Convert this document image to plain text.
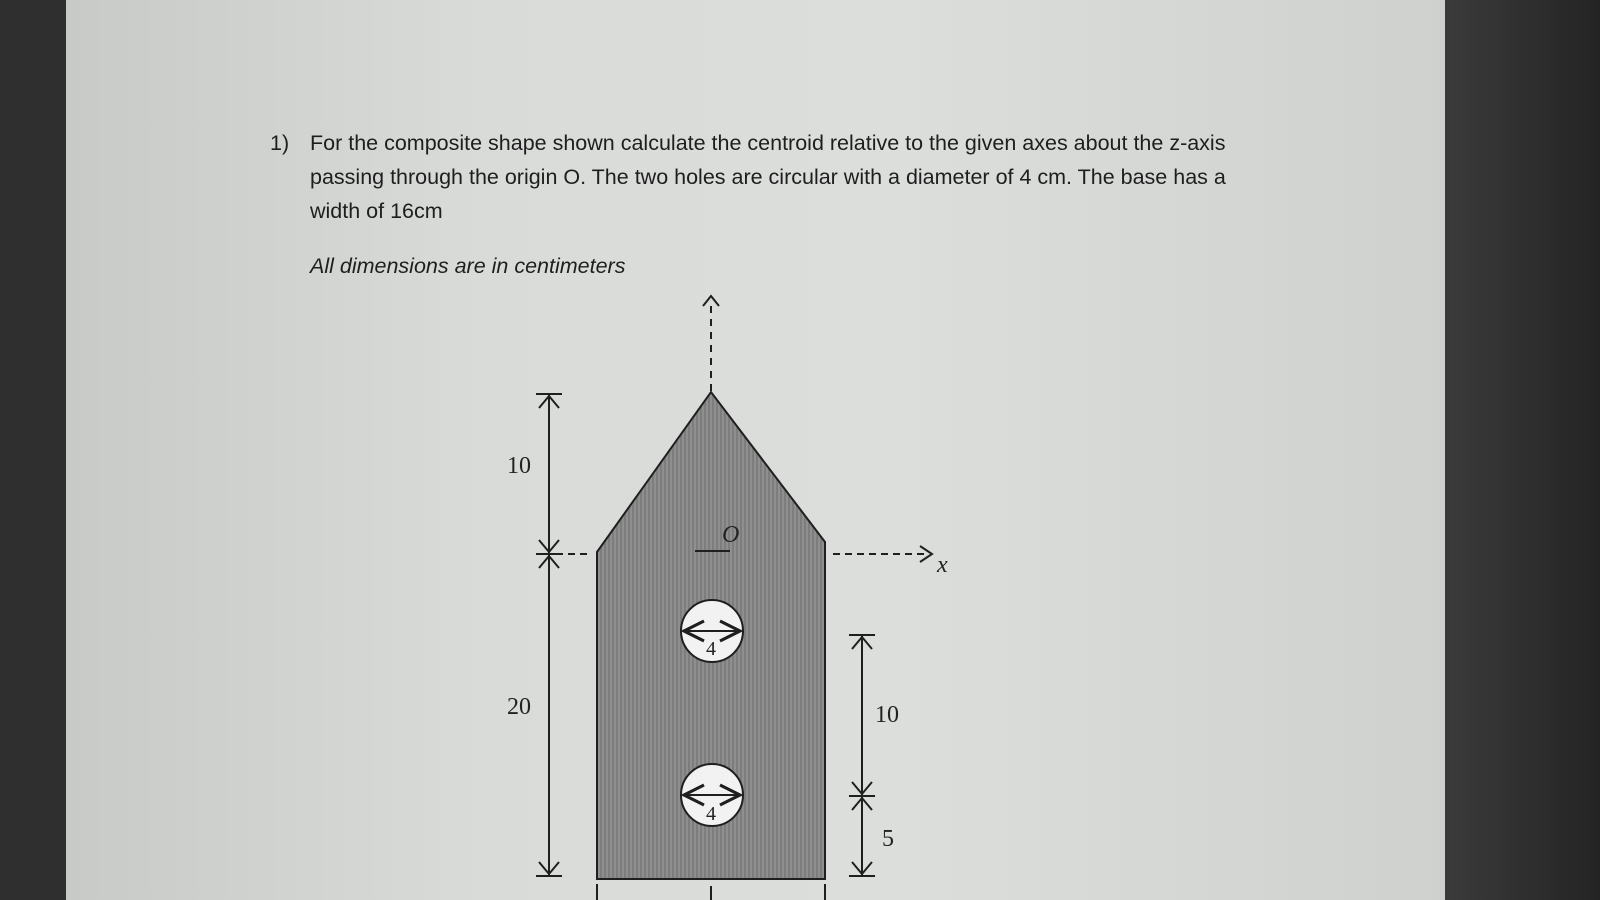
1) For the composite shape shown calculate the centroid relative to the given axes about the z-axis passing through the origin O. The two holes are circular with a diameter of 4 cm. The base has a width of 16cm
All dimensions are in centimeters
O
x
4
4
10
20	10
5
